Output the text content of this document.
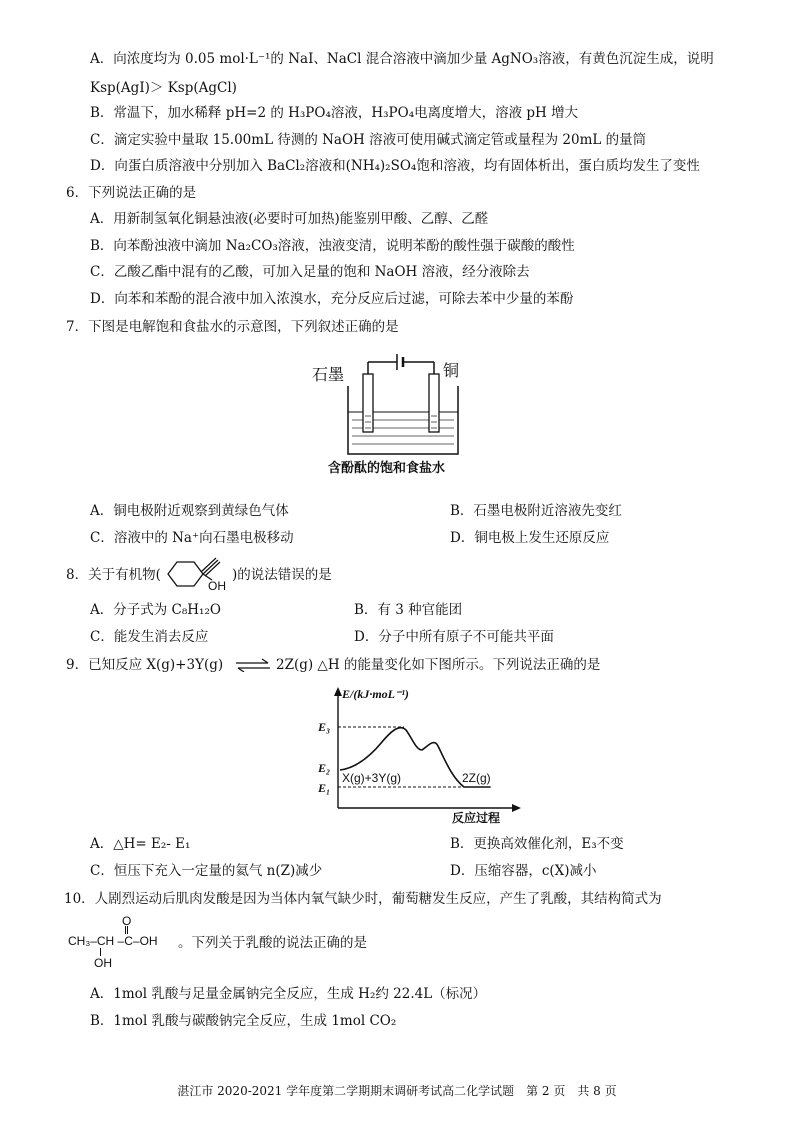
A．向浓度均为 0.05 mol·L⁻¹的 NaI、NaCl 混合溶液中滴加少量 AgNO₃溶液，有黄色沉淀生成，说明
Ksp(AgI)＞ Ksp(AgCl)
B．常温下，加水稀释 pH=2 的 H₃PO₄溶液，H₃PO₄电离度增大，溶液 pH 增大
C．滴定实验中量取 15.00mL 待测的 NaOH 溶液可使用碱式滴定管或量程为 20mL 的量筒
D．向蛋白质溶液中分别加入 BaCl₂溶液和(NH₄)₂SO₄饱和溶液，均有固体析出，蛋白质均发生了变性
6．下列说法正确的是
A．用新制氢氧化铜悬浊液(必要时可加热)能鉴别甲酸、乙醇、乙醛
B．向苯酚浊液中滴加 Na₂CO₃溶液，浊液变清，说明苯酚的酸性强于碳酸的酸性
C．乙酸乙酯中混有的乙酸，可加入足量的饱和 NaOH 溶液，经分液除去
D．向苯和苯酚的混合液中加入浓溴水，充分反应后过滤，可除去苯中少量的苯酚
7．下图是电解饱和食盐水的示意图，下列叙述正确的是
石墨	铜
含酚酞的饱和食盐水
A．铜电极附近观察到黄绿色气体	B．石墨电极附近溶液先变红
C．溶液中的 Na⁺向石墨电极移动	D．铜电极上发生还原反应
8．关于有机物(
OH
)的说法错误的是
A．分子式为 C₈H₁₂O	B．有 3 种官能团
C．能发生消去反应	D．分子中所有原子不可能共平面
9．已知反应 X(g)+3Y(g) ⇌ 2Z(g) △H 的能量变化如下图所示。下列说法正确的是
E/(kJ·moL⁻¹)
E₃
E₂
E₁
X(g)+3Y(g)	2Z(g)
反应过程
A．△H= E₂- E₁	B．更换高效催化剂，E₃不变
C．恒压下充入一定量的氦气 n(Z)减少	D．压缩容器，c(X)减小
10．人剧烈运动后肌肉发酸是因为当体内氧气缺少时，葡萄糖发生反应，产生了乳酸，其结构简式为
O
CH₃–CH –C–OH
OH
。下列关于乳酸的说法正确的是
A．1mol 乳酸与足量金属钠完全反应，生成 H₂约 22.4L（标况）
B．1mol 乳酸与碳酸钠完全反应，生成 1mol CO₂
湛江市 2020-2021 学年度第二学期期末调研考试高二化学试题　第 2 页　共 8 页
